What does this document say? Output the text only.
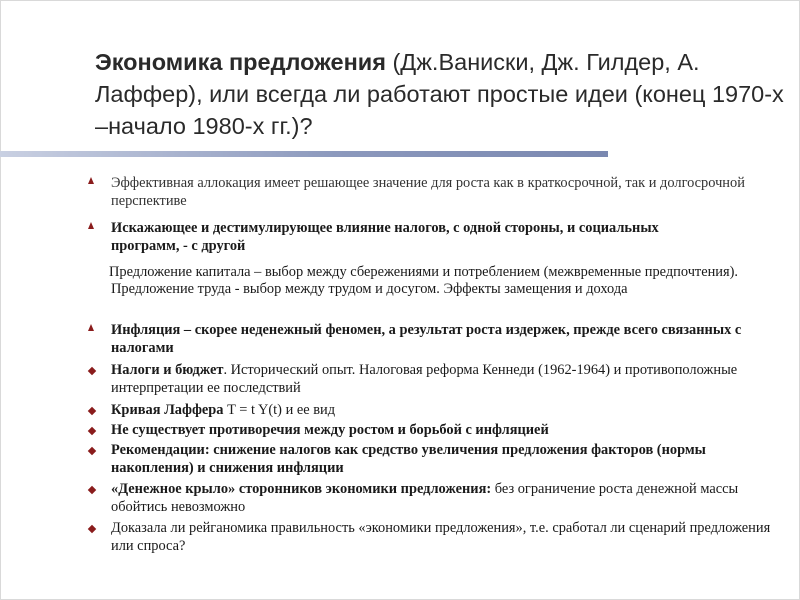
Экономика предложения (Дж.Ваниски, Дж. Гилдер, А. Лаффер), или всегда ли работают простые идеи (конец 1970-х –начало 1980-х гг.)?
Эффективная аллокация имеет решающее значение для роста как в краткосрочной, так и долгосрочной перспективе
Искажающее и дестимулирующее влияние налогов, с одной стороны, и социальных программ, - с другой
Предложение капитала – выбор между сбережениями и потреблением (межвременные предпочтения). Предложение труда - выбор между трудом и досугом. Эффекты замещения и дохода
Инфляция – скорее неденежный феномен, а результат роста издержек, прежде всего связанных с налогами
Налоги и бюджет. Исторический опыт. Налоговая реформа Кеннеди (1962-1964) и противоположные интерпретации ее последствий
Кривая Лаффера T = t Y(t) и ее вид
Не существует противоречия между ростом и борьбой с инфляцией
Рекомендации: снижение налогов как средство увеличения предложения факторов (нормы накопления) и снижения инфляции
«Денежное крыло» сторонников экономики предложения: без ограничение роста денежной массы обойтись невозможно
Доказала ли рейганомика правильность «экономики предложения», т.е. сработал ли сценарий предложения или спроса?
